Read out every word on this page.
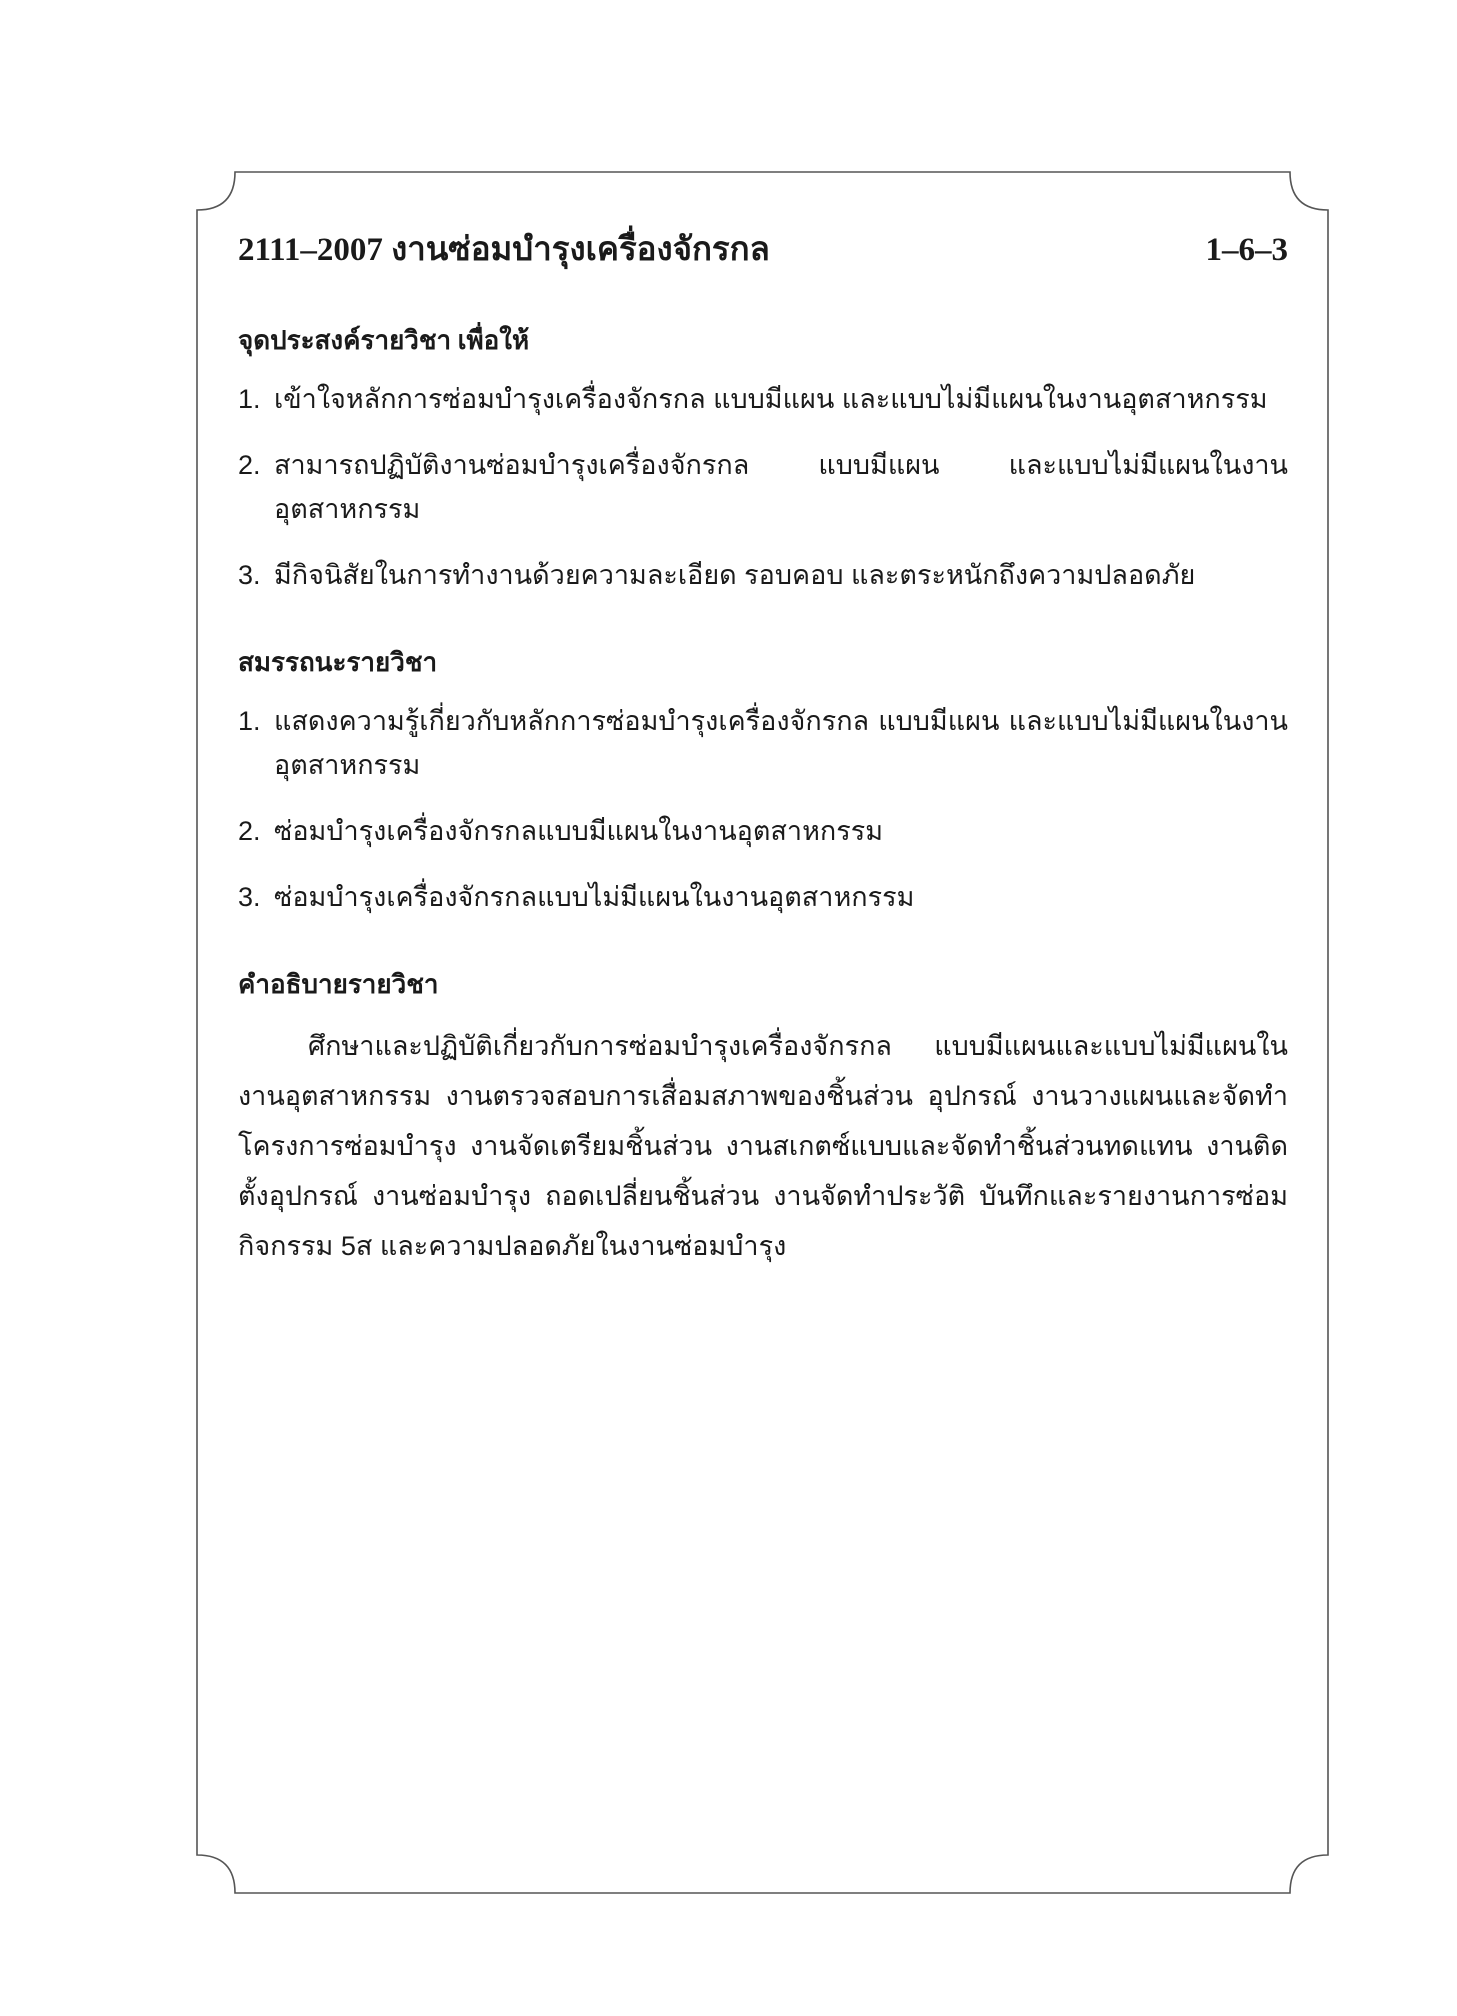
2111–2007 งานซ่อมบำรุงเครื่องจักรกล	1–6–3
จุดประสงค์รายวิชา เพื่อให้
1. เข้าใจหลักการซ่อมบำรุงเครื่องจักรกล แบบมีแผน และแบบไม่มีแผนในงานอุตสาหกรรม
2. สามารถปฏิบัติงานซ่อมบำรุงเครื่องจักรกล แบบมีแผน และแบบไม่มีแผนในงานอุตสาหกรรม
3. มีกิจนิสัยในการทำงานด้วยความละเอียด รอบคอบ และตระหนักถึงความปลอดภัย
สมรรถนะรายวิชา
1. แสดงความรู้เกี่ยวกับหลักการซ่อมบำรุงเครื่องจักรกล แบบมีแผน และแบบไม่มีแผนในงานอุตสาหกรรม
2. ซ่อมบำรุงเครื่องจักรกลแบบมีแผนในงานอุตสาหกรรม
3. ซ่อมบำรุงเครื่องจักรกลแบบไม่มีแผนในงานอุตสาหกรรม
คำอธิบายรายวิชา

ศึกษาและปฏิบัติเกี่ยวกับการซ่อมบำรุงเครื่องจักรกล แบบมีแผนและแบบไม่มีแผนในงานอุตสาหกรรม งานตรวจสอบการเสื่อมสภาพของชิ้นส่วน อุปกรณ์ งานวางแผนและจัดทำโครงการซ่อมบำรุง งานจัดเตรียมชิ้นส่วน งานสเกตซ์แบบและจัดทำชิ้นส่วนทดแทน งานติดตั้งอุปกรณ์ งานซ่อมบำรุง ถอดเปลี่ยนชิ้นส่วน งานจัดทำประวัติ บันทึกและรายงานการซ่อม กิจกรรม 5ส และความปลอดภัยในงานซ่อมบำรุง
